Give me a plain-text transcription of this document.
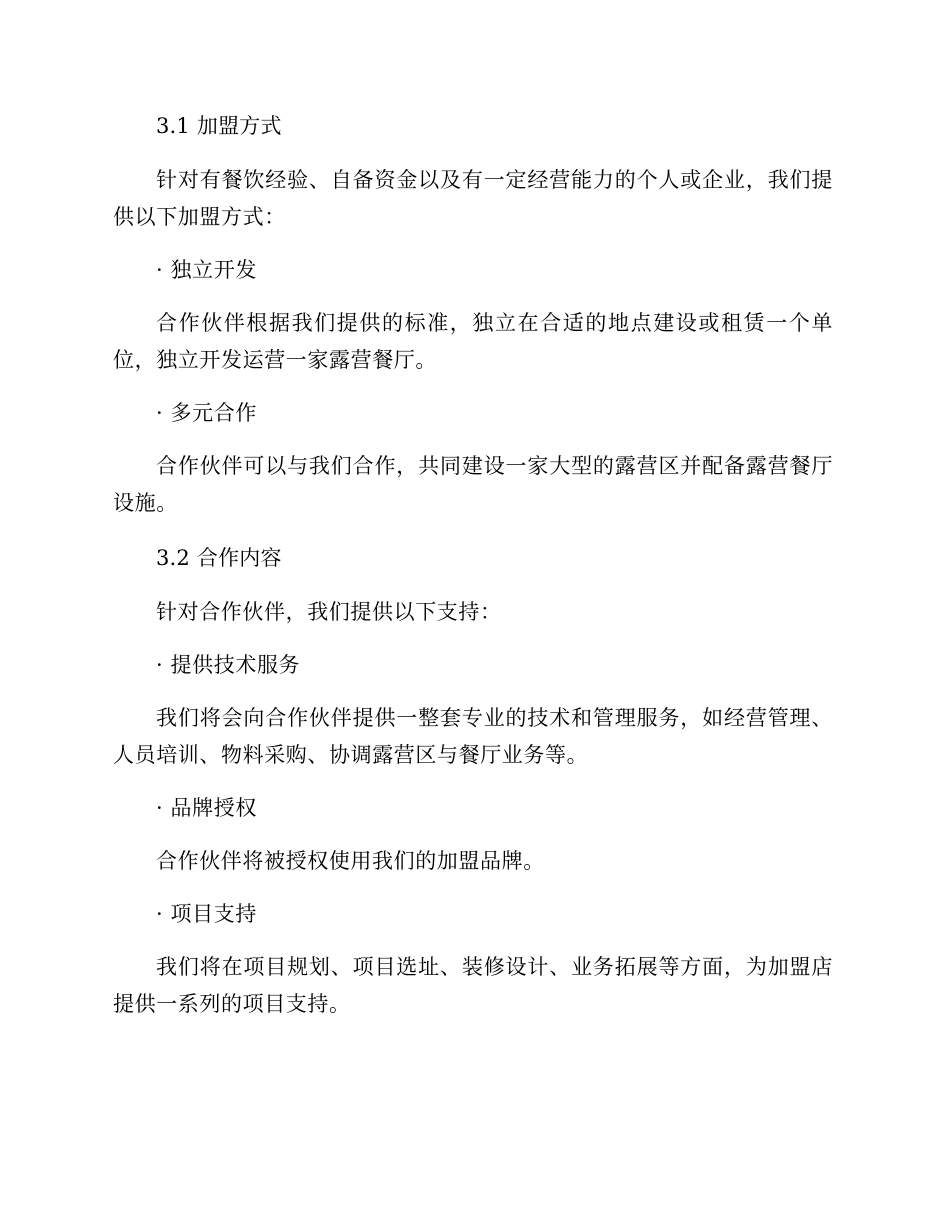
3.1 加盟方式
针对有餐饮经验、自备资金以及有一定经营能力的个人或企业，我们提供以下加盟方式：
· 独立开发
合作伙伴根据我们提供的标准，独立在合适的地点建设或租赁一个单位，独立开发运营一家露营餐厅。
· 多元合作
合作伙伴可以与我们合作，共同建设一家大型的露营区并配备露营餐厅设施。
3.2 合作内容
针对合作伙伴，我们提供以下支持：
· 提供技术服务
我们将会向合作伙伴提供一整套专业的技术和管理服务，如经营管理、人员培训、物料采购、协调露营区与餐厅业务等。
· 品牌授权
合作伙伴将被授权使用我们的加盟品牌。
· 项目支持
我们将在项目规划、项目选址、装修设计、业务拓展等方面，为加盟店提供一系列的项目支持。
